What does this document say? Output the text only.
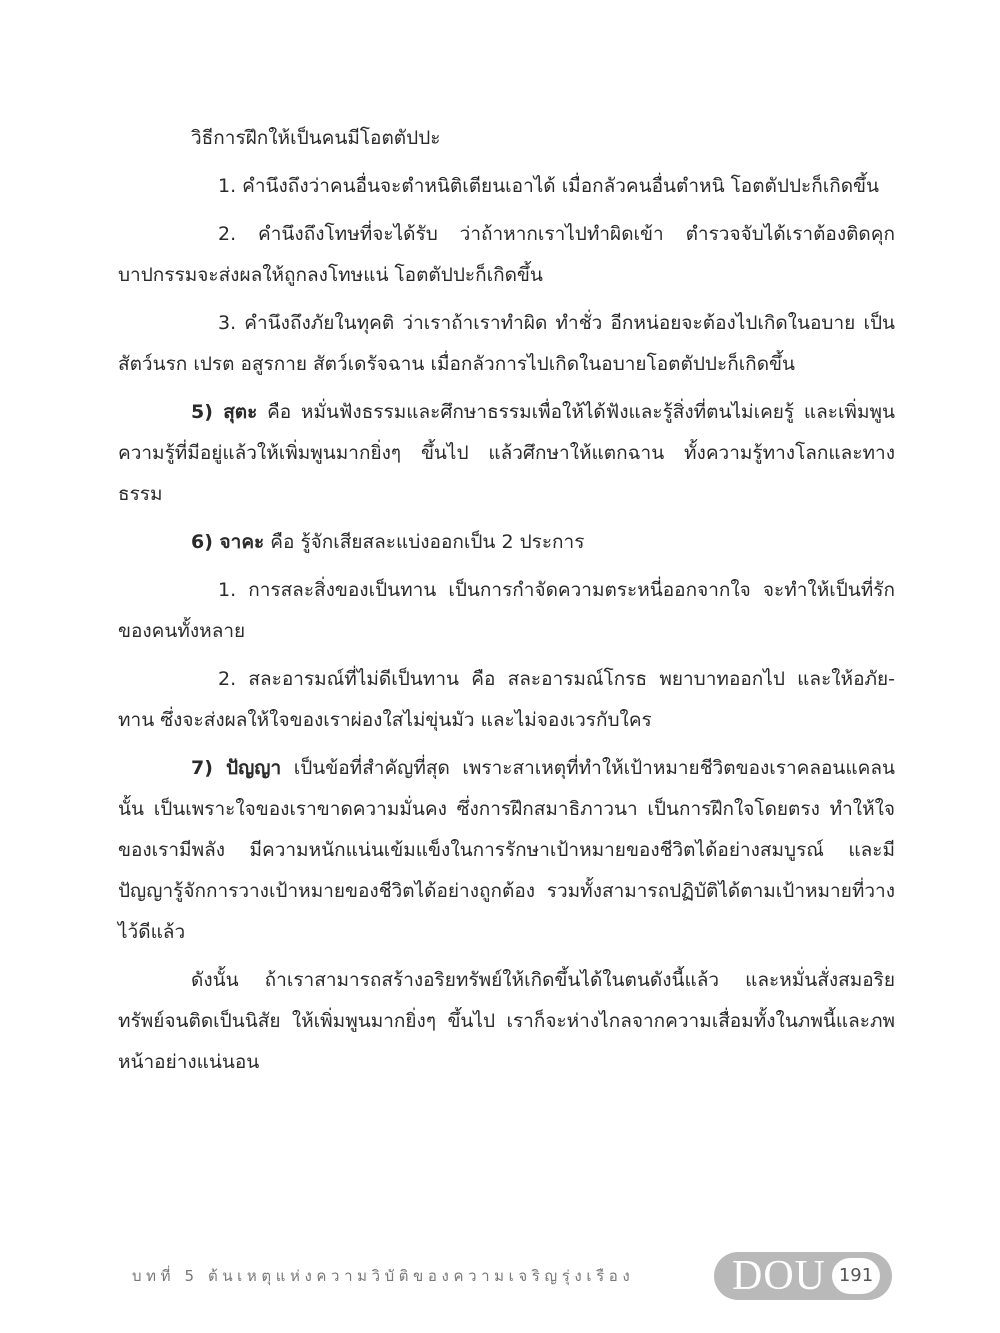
วิธีการฝึกให้เป็นคนมีโอตตัปปะ

1. คำนึงถึงว่าคนอื่นจะตำหนิติเตียนเอาได้ เมื่อกลัวคนอื่นตำหนิ โอตตัปปะก็เกิดขึ้น

2. คำนึงถึงโทษที่จะได้รับ ว่าถ้าหากเราไปทำผิดเข้า ตำรวจจับได้เราต้องติดคุก บาปกรรมจะส่งผลให้ถูกลงโทษแน่ โอตตัปปะก็เกิดขึ้น

3. คำนึงถึงภัยในทุคติ ว่าเราถ้าเราทำผิด ทำชั่ว อีกหน่อยจะต้องไปเกิดในอบาย เป็นสัตว์นรก เปรต อสูรกาย สัตว์เดรัจฉาน เมื่อกลัวการไปเกิดในอบายโอตตัปปะก็เกิดขึ้น

5) สุตะ คือ หมั่นฟังธรรมและศึกษาธรรมเพื่อให้ได้ฟังและรู้สิ่งที่ตนไม่เคยรู้ และเพิ่มพูนความรู้ที่มีอยู่แล้วให้เพิ่มพูนมากยิ่งๆ ขึ้นไป แล้วศึกษาให้แตกฉาน ทั้งความรู้ทางโลกและทางธรรม

6) จาคะ คือ รู้จักเสียสละแบ่งออกเป็น 2 ประการ

1. การสละสิ่งของเป็นทาน เป็นการกำจัดความตระหนี่ออกจากใจ จะทำให้เป็นที่รักของคนทั้งหลาย

2. สละอารมณ์ที่ไม่ดีเป็นทาน คือ สละอารมณ์โกรธ พยาบาทออกไป และให้อภัย-ทาน ซึ่งจะส่งผลให้ใจของเราผ่องใสไม่ขุ่นมัว และไม่จองเวรกับใคร

7) ปัญญา เป็นข้อที่สำคัญที่สุด เพราะสาเหตุที่ทำให้เป้าหมายชีวิตของเราคลอนแคลนนั้น เป็นเพราะใจของเราขาดความมั่นคง ซึ่งการฝึกสมาธิภาวนา เป็นการฝึกใจโดยตรง ทำให้ใจของเรามีพลัง มีความหนักแน่นเข้มแข็งในการรักษาเป้าหมายของชีวิตได้อย่างสมบูรณ์ และมีปัญญารู้จักการวางเป้าหมายของชีวิตได้อย่างถูกต้อง รวมทั้งสามารถปฏิบัติได้ตามเป้าหมายที่วางไว้ดีแล้ว

ดังนั้น ถ้าเราสามารถสร้างอริยทรัพย์ให้เกิดขึ้นได้ในตนดังนี้แล้ว และหมั่นสั่งสมอริยทรัพย์จนติดเป็นนิสัย ให้เพิ่มพูนมากยิ่งๆ ขึ้นไป เราก็จะห่างไกลจากความเสื่อมทั้งในภพนี้และภพหน้าอย่างแน่นอน

บทที่ 5 ต้นเหตุแห่งความวิบัติของความเจริญรุ่งเรือง DOU 191
